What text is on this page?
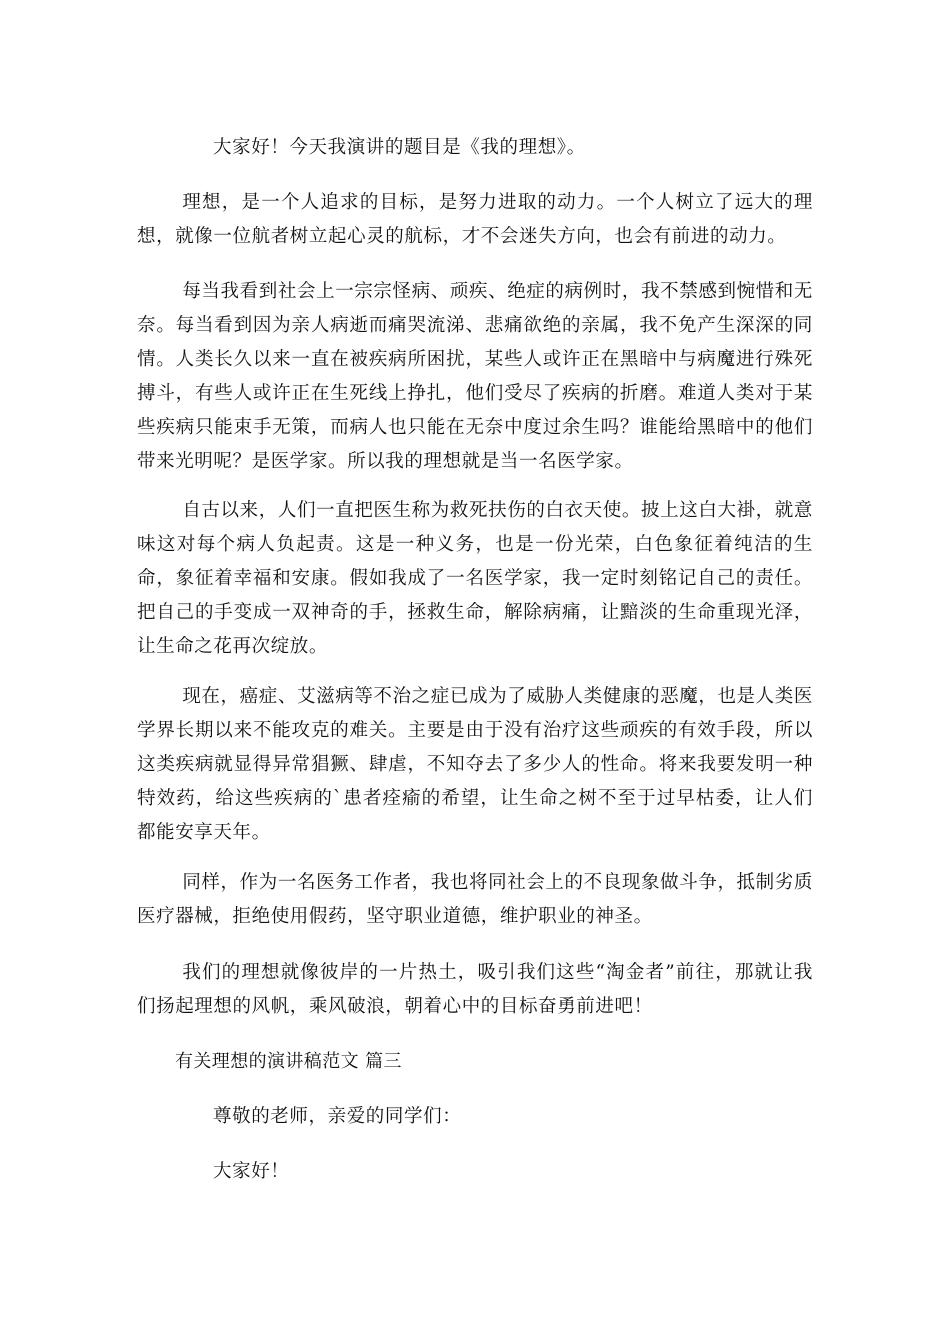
大家好！今天我演讲的题目是《我的理想》。

理想，是一个人追求的目标，是努力进取的动力。一个人树立了远大的理想，就像一位航者树立起心灵的航标，才不会迷失方向，也会有前进的动力。

每当我看到社会上一宗宗怪病、顽疾、绝症的病例时，我不禁感到惋惜和无奈。每当看到因为亲人病逝而痛哭流涕、悲痛欲绝的亲属，我不免产生深深的同情。人类长久以来一直在被疾病所困扰，某些人或许正在黑暗中与病魔进行殊死搏斗，有些人或许正在生死线上挣扎，他们受尽了疾病的折磨。难道人类对于某些疾病只能束手无策，而病人也只能在无奈中度过余生吗？谁能给黑暗中的他们带来光明呢？是医学家。所以我的理想就是当一名医学家。

自古以来，人们一直把医生称为救死扶伤的白衣天使。披上这白大褂，就意味这对每个病人负起责。这是一种义务，也是一份光荣，白色象征着纯洁的生命，象征着幸福和安康。假如我成了一名医学家，我一定时刻铭记自己的责任。把自己的手变成一双神奇的手，拯救生命，解除病痛，让黯淡的生命重现光泽，让生命之花再次绽放。

现在，癌症、艾滋病等不治之症已成为了威胁人类健康的恶魔，也是人类医学界长期以来不能攻克的难关。主要是由于没有治疗这些顽疾的有效手段，所以这类疾病就显得异常猖獗、肆虐，不知夺去了多少人的性命。将来我要发明一种特效药，给这些疾病的`患者痊瘉的希望，让生命之树不至于过早枯委，让人们都能安享天年。

同样，作为一名医务工作者，我也将同社会上的不良现象做斗争，抵制劣质医疗器械，拒绝使用假药，坚守职业道德，维护职业的神圣。

我们的理想就像彼岸的一片热土，吸引我们这些“淘金者”前往，那就让我们扬起理想的风帆，乘风破浪，朝着心中的目标奋勇前进吧！

有关理想的演讲稿范文 篇三

尊敬的老师，亲爱的同学们：

大家好！
